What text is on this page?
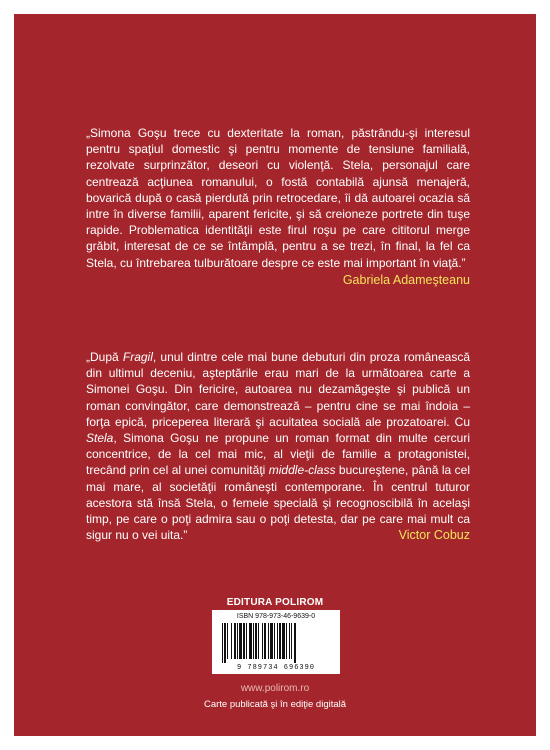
„Simona Goşu trece cu dexteritate la roman, păstrându-şi interesul pentru spaţiul domestic şi pentru momente de tensiune familială, rezolvate surprinzător, deseori cu violenţă. Stela, personajul care centrează acţiunea romanului, o fostă contabilă ajunsă menajeră, bovarică după o casă pierdută prin retrocedare, îi dă autoarei ocazia să intre în diverse familii, aparent fericite, şi să creioneze portrete din tuşe rapide. Problematica identităţii este firul roşu pe care cititorul merge grăbit, interesat de ce se întâmplă, pentru a se trezi, în final, la fel ca Stela, cu întrebarea tulburătoare despre ce este mai important în viaţă.”

Gabriela Adameşteanu

„După Fragil, unul dintre cele mai bune debuturi din proza românească din ultimul deceniu, aşteptările erau mari de la următoarea carte a Simonei Goşu. Din fericire, autoarea nu dezamăgeşte şi publică un roman convingător, care demonstrează – pentru cine se mai îndoia – forţa epică, priceperea literară şi acuitatea socială ale prozatoarei. Cu Stela, Simona Goşu ne propune un roman format din multe cercuri concentrice, de la cel mai mic, al vieţii de familie a protagonistei, trecând prin cel al unei comunităţi middle-class bucureştene, până la cel mai mare, al societăţii româneşti contemporane. În centrul tuturor acestora stă însă Stela, o femeie specială şi recognoscibilă în acelaşi timp, pe care o poţi admira sau o poţi detesta, dar pe care mai mult ca sigur nu o vei uita.”	Victor Cobuz

EDITURA POLIROM
ISBN 978-973-46-9639-0
9 789734 696390
www.polirom.ro
Carte publicată şi în ediţie digitală
